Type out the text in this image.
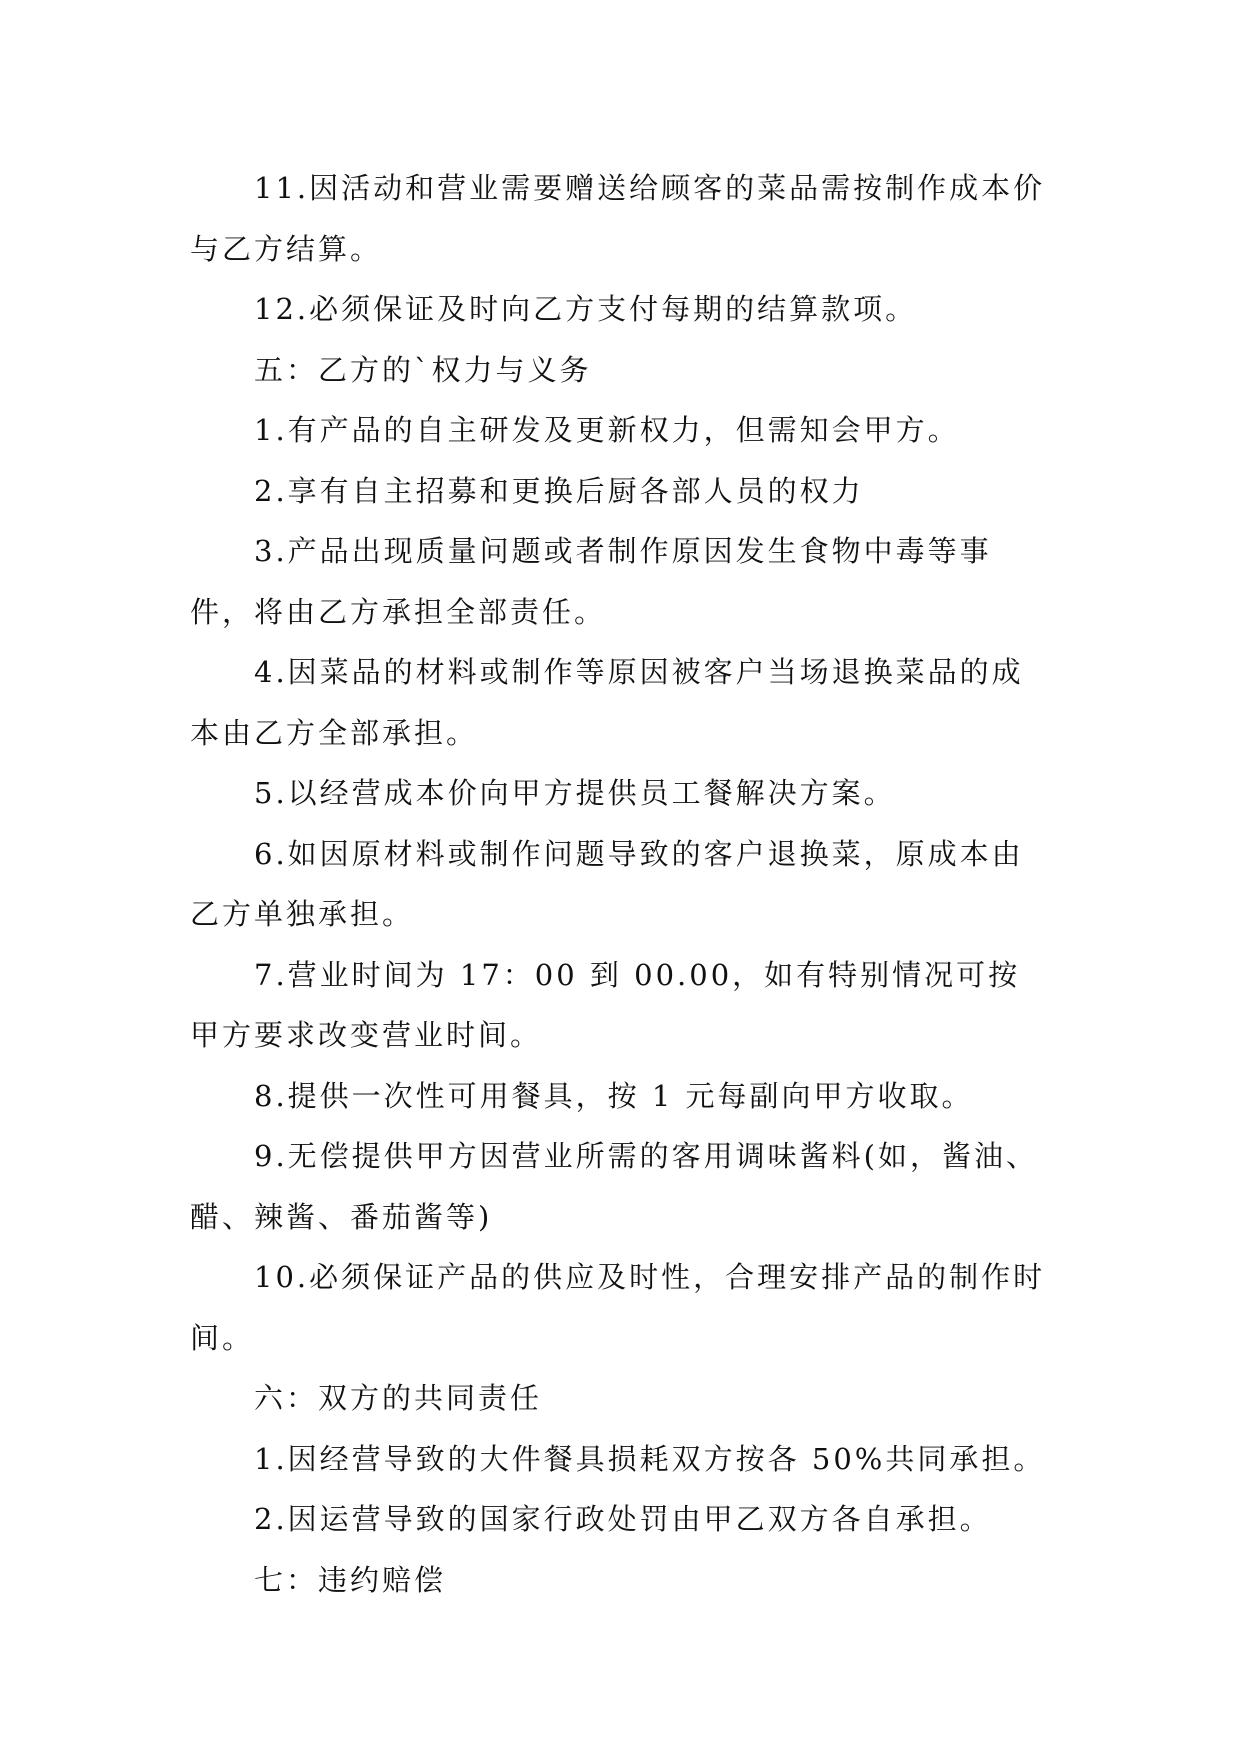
11.因活动和营业需要赠送给顾客的菜品需按制作成本价与乙方结算。

12.必须保证及时向乙方支付每期的结算款项。

五：乙方的`权力与义务

1.有产品的自主研发及更新权力，但需知会甲方。

2.享有自主招募和更换后厨各部人员的权力

3.产品出现质量问题或者制作原因发生食物中毒等事件，将由乙方承担全部责任。

4.因菜品的材料或制作等原因被客户当场退换菜品的成本由乙方全部承担。

5.以经营成本价向甲方提供员工餐解决方案。

6.如因原材料或制作问题导致的客户退换菜，原成本由乙方单独承担。

7.营业时间为 17：00 到 00.00，如有特别情况可按甲方要求改变营业时间。

8.提供一次性可用餐具，按 1 元每副向甲方收取。

9.无偿提供甲方因营业所需的客用调味酱料(如，酱油、醋、辣酱、番茄酱等)

10.必须保证产品的供应及时性，合理安排产品的制作时间。

六：双方的共同责任

1.因经营导致的大件餐具损耗双方按各 50%共同承担。

2.因运营导致的国家行政处罚由甲乙双方各自承担。

七：违约赔偿
